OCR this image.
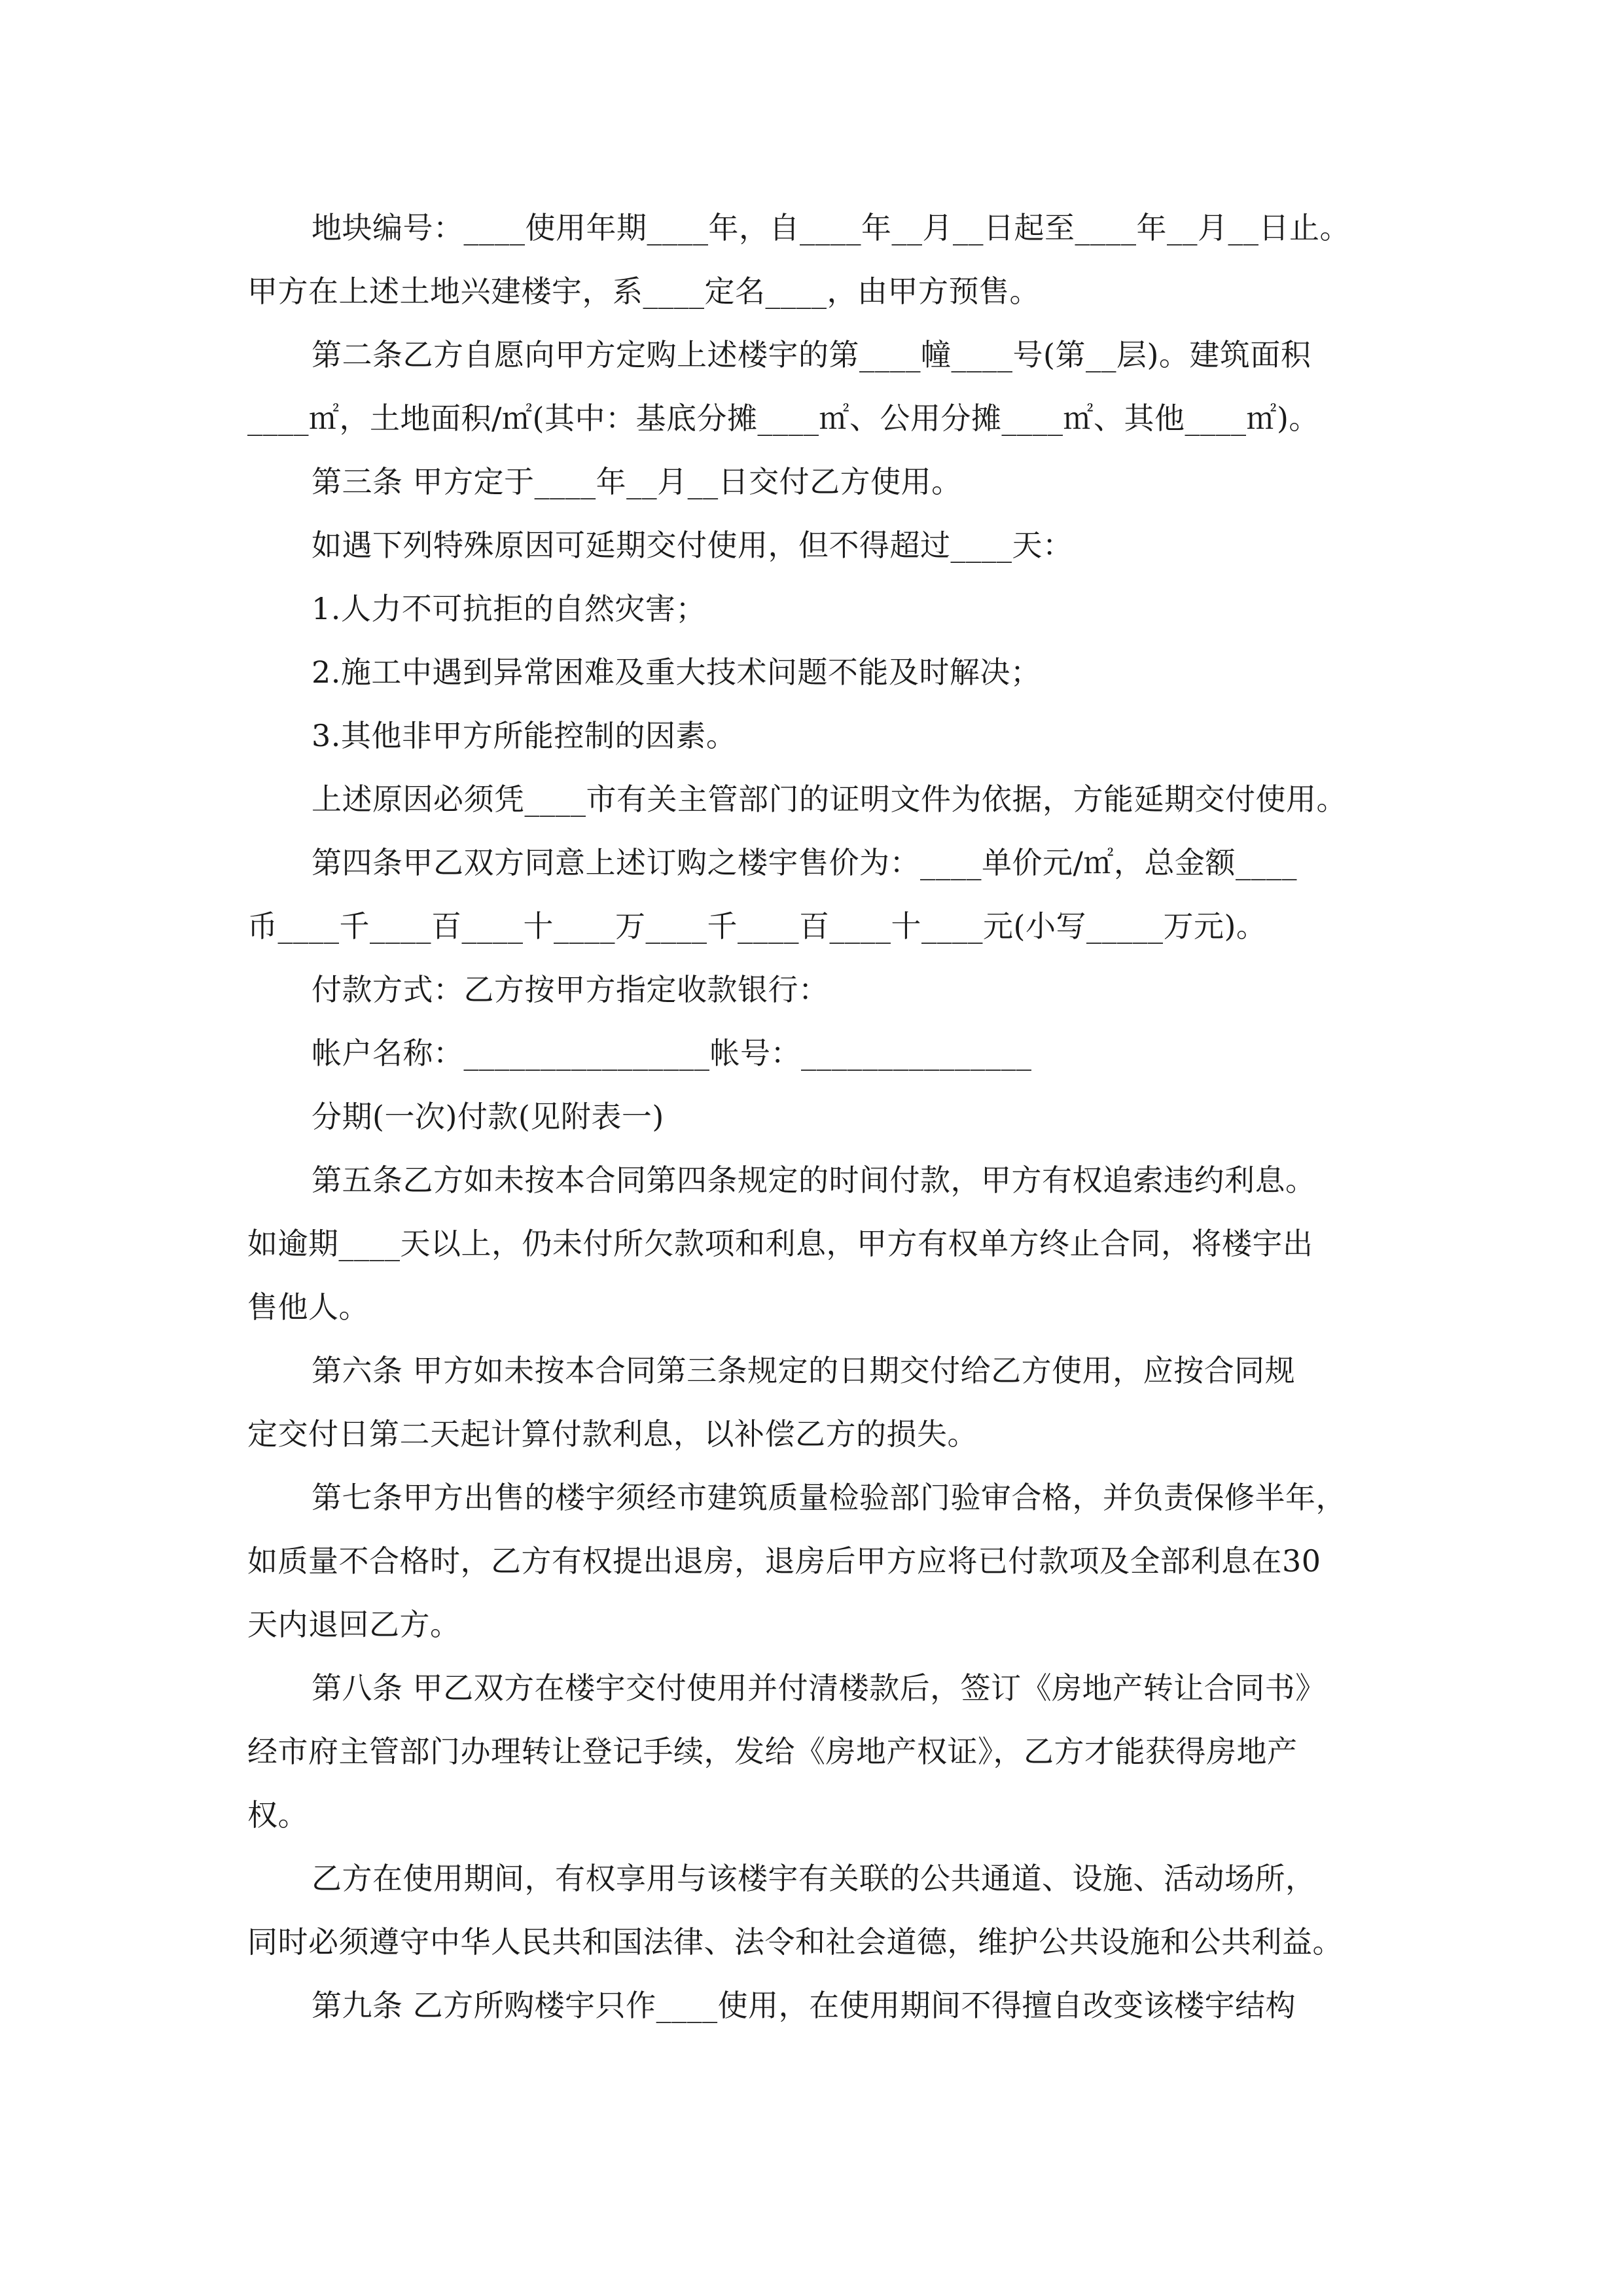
地块编号：____使用年期____年，自____年__月__日起至____年__月__日止。
甲方在上述土地兴建楼宇，系____定名____，由甲方预售。
第二条乙方自愿向甲方定购上述楼宇的第____幢____号(第__层)。建筑面积
____㎡，土地面积/㎡(其中：基底分摊____㎡、公用分摊____㎡、其他____㎡)。
第三条 甲方定于____年__月__日交付乙方使用。
如遇下列特殊原因可延期交付使用，但不得超过____天：
1.人力不可抗拒的自然灾害；
2.施工中遇到异常困难及重大技术问题不能及时解决；
3.其他非甲方所能控制的因素。
上述原因必须凭____市有关主管部门的证明文件为依据，方能延期交付使用。
第四条甲乙双方同意上述订购之楼宇售价为：____单价元/㎡，总金额____
币____千____百____十____万____千____百____十____元(小写_____万元)。
付款方式：乙方按甲方指定收款银行：
帐户名称：________________帐号：_______________
分期(一次)付款(见附表一)
第五条乙方如未按本合同第四条规定的时间付款，甲方有权追索违约利息。
如逾期____天以上，仍未付所欠款项和利息，甲方有权单方终止合同，将楼宇出
售他人。
第六条 甲方如未按本合同第三条规定的日期交付给乙方使用，应按合同规
定交付日第二天起计算付款利息，以补偿乙方的损失。
第七条甲方出售的楼宇须经市建筑质量检验部门验审合格，并负责保修半年，
如质量不合格时，乙方有权提出退房，退房后甲方应将已付款项及全部利息在30
天内退回乙方。
第八条 甲乙双方在楼宇交付使用并付清楼款后，签订《房地产转让合同书》
经市府主管部门办理转让登记手续，发给《房地产权证》，乙方才能获得房地产
权。
乙方在使用期间，有权享用与该楼宇有关联的公共通道、设施、活动场所，
同时必须遵守中华人民共和国法律、法令和社会道德，维护公共设施和公共利益。
第九条 乙方所购楼宇只作____使用，在使用期间不得擅自改变该楼宇结构
